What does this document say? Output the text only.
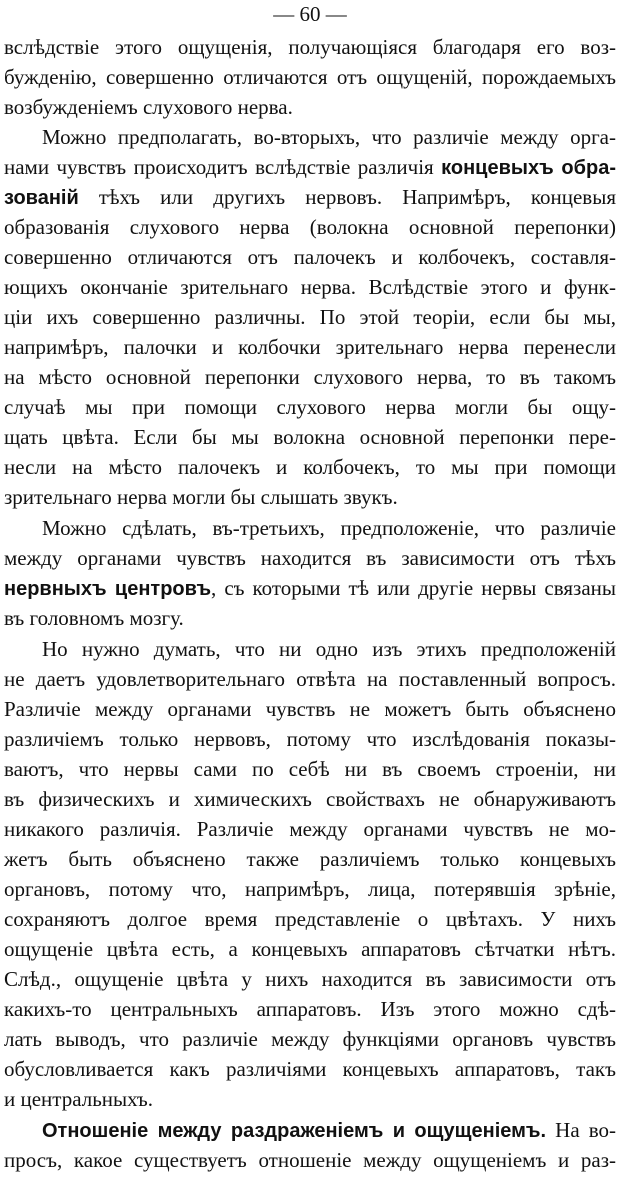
— 60 —
вслѣдствіе этого ощущенія, получающіяся благодаря его воз-
бужденію, совершенно отличаются отъ ощущеній, порождаемыхъ
возбужденіемъ слухового нерва.
Можно предполагать, во-вторыхъ, что различіе между орга-
нами чувствъ происходитъ вслѣдствіе различія концевыхъ обра-
зованій тѣхъ или другихъ нервовъ. Напримѣръ, концевыя
образованія слухового нерва (волокна основной перепонки)
совершенно отличаются отъ палочекъ и колбочекъ, составля-
ющихъ окончаніе зрительнаго нерва. Вслѣдствіе этого и функ-
ціи ихъ совершенно различны. По этой теоріи, если бы мы,
напримѣръ, палочки и колбочки зрительнаго нерва перенесли
на мѣсто основной перепонки слухового нерва, то въ такомъ
случаѣ мы при помощи слухового нерва могли бы ощу-
щать цвѣта. Если бы мы волокна основной перепонки пере-
несли на мѣсто палочекъ и колбочекъ, то мы при помощи
зрительнаго нерва могли бы слышать звукъ.
Можно сдѣлать, въ-третьихъ, предположеніе, что различіе
между органами чувствъ находится въ зависимости отъ тѣхъ
нервныхъ центровъ, съ которыми тѣ или другіе нервы связаны
въ головномъ мозгу.
Но нужно думать, что ни одно изъ этихъ предположеній
не даетъ удовлетворительнаго отвѣта на поставленный вопросъ.
Различіе между органами чувствъ не можетъ быть объяснено
различіемъ только нервовъ, потому что изслѣдованія показы-
ваютъ, что нервы сами по себѣ ни въ своемъ строеніи, ни
въ физическихъ и химическихъ свойствахъ не обнаруживаютъ
никакого различія. Различіе между органами чувствъ не мо-
жетъ быть объяснено также различіемъ только концевыхъ
органовъ, потому что, напримѣръ, лица, потерявшія зрѣніе,
сохраняютъ долгое время представленіе о цвѣтахъ. У нихъ
ощущеніе цвѣта есть, а концевыхъ аппаратовъ сѣтчатки нѣтъ.
Слѣд., ощущеніе цвѣта у нихъ находится въ зависимости отъ
какихъ-то центральныхъ аппаратовъ. Изъ этого можно сдѣ-
лать выводъ, что различіе между функціями органовъ чувствъ
обусловливается какъ различіями концевыхъ аппаратовъ, такъ
и центральныхъ.
Отношеніе между раздраженіемъ и ощущеніемъ. На во-
просъ, какое существуетъ отношеніе между ощущеніемъ и раз-
